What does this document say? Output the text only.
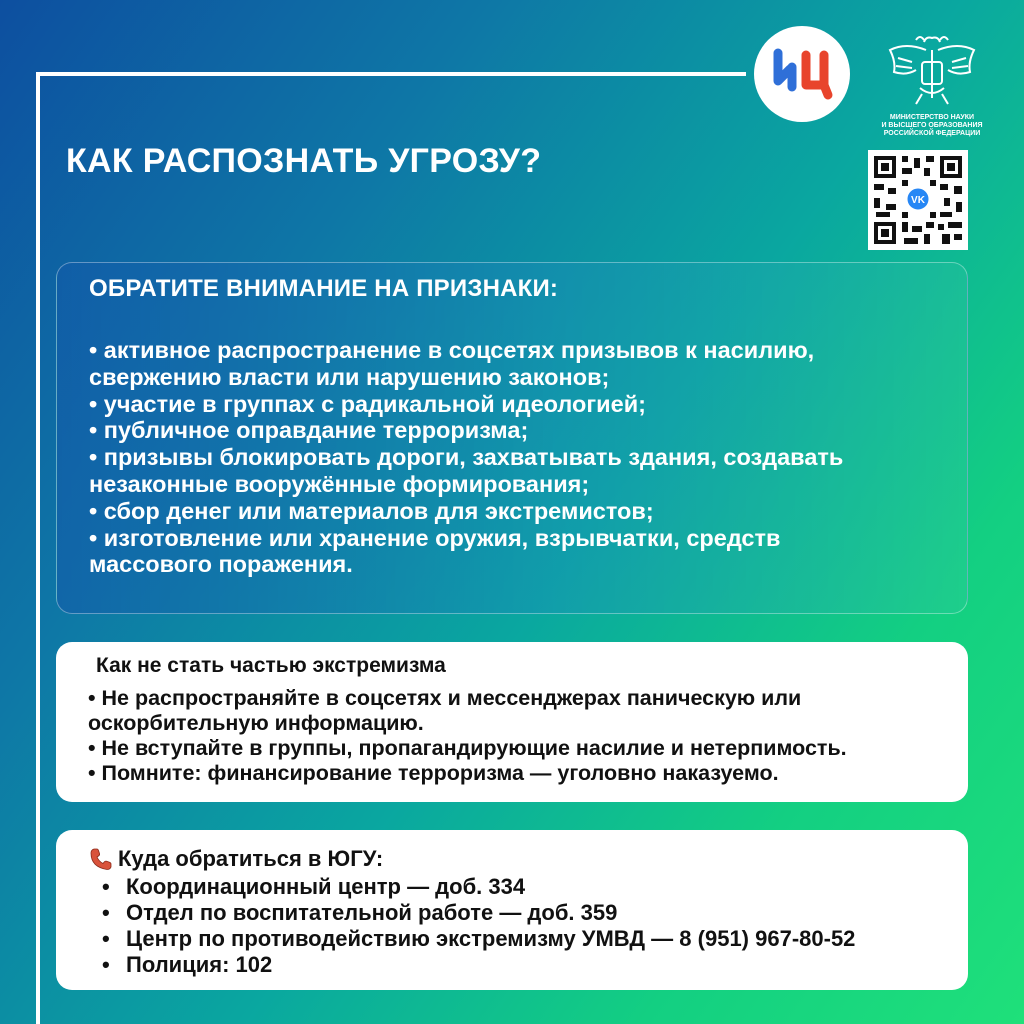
МИНИСТЕРСТВО НАУКИ
И ВЫСШЕГО ОБРАЗОВАНИЯ
РОССИЙСКОЙ ФЕДЕРАЦИИ
VK
КАК РАСПОЗНАТЬ УГРОЗУ?
ОБРАТИТЕ ВНИМАНИЕ НА ПРИЗНАКИ:
• активное распространение в соцсетях призывов к насилию,
свержению власти или нарушению законов;
• участие в группах с радикальной идеологией;
• публичное оправдание терроризма;
• призывы блокировать дороги, захватывать здания, создавать
незаконные вооружённые формирования;
• сбор денег или материалов для экстремистов;
• изготовление или хранение оружия, взрывчатки, средств
массового поражения.
Как не стать частью экстремизма
• Не распространяйте в соцсетях и мессенджерах паническую или
оскорбительную информацию.
• Не вступайте в группы, пропагандирующие насилие и нетерпимость.
• Помните: финансирование терроризма — уголовно наказуемо.
Куда обратиться в ЮГУ:
• Координационный центр — доб. 334
• Отдел по воспитательной работе — доб. 359
• Центр по противодействию экстремизму УМВД — 8 (951) 967-80-52
• Полиция: 102
